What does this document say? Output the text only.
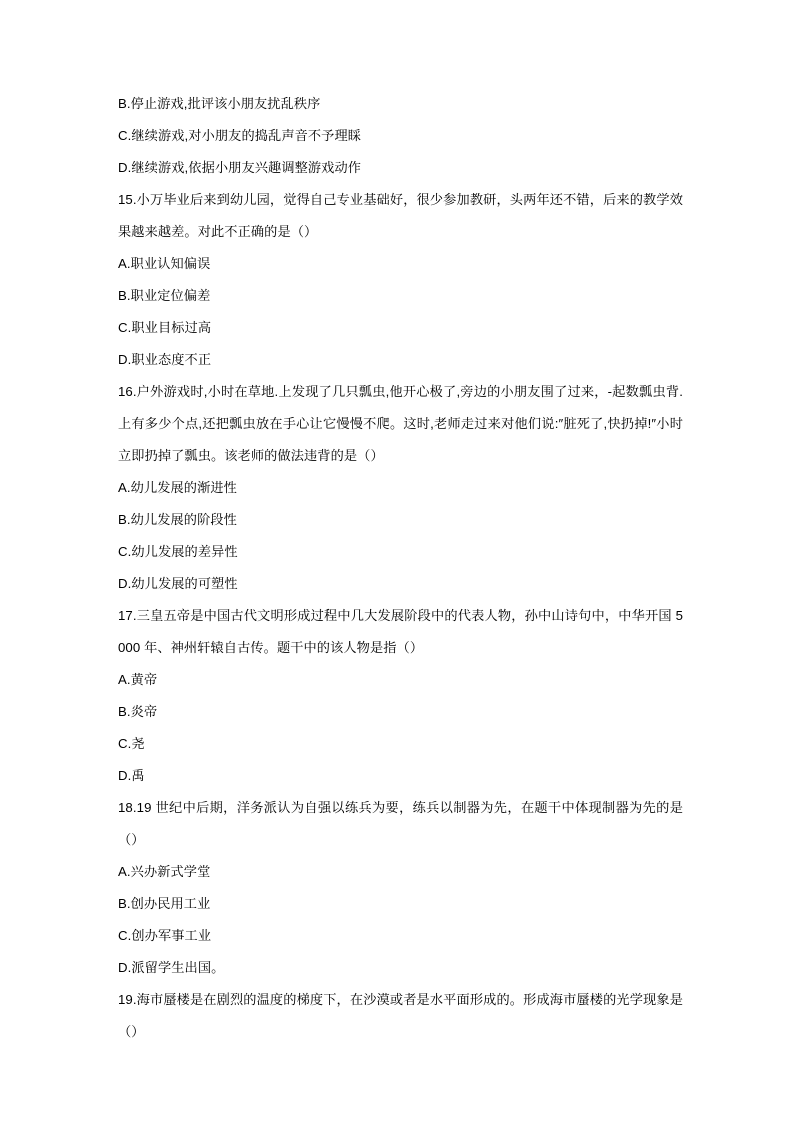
B.停止游戏,批评该小朋友扰乱秩序

C.继续游戏,对小朋友的捣乱声音不予理睬

D.继续游戏,依据小朋友兴趣调整游戏动作

15.小万毕业后来到幼儿园，觉得自己专业基础好，很少参加教研，头两年还不错，后来的教学效果越来越差。对此不正确的是（）

A.职业认知偏误

B.职业定位偏差

C.职业目标过高

D.职业态度不正

16.户外游戏时,小时在草地.上发现了几只瓢虫,他开心极了,旁边的小朋友围了过来，-起数瓢虫背.上有多少个点,还把瓢虫放在手心让它慢慢不爬。这时,老师走过来对他们说:″脏死了,快扔掉!″小时立即扔掉了瓢虫。该老师的做法违背的是（）

A.幼儿发展的渐进性

B.幼儿发展的阶段性

C.幼儿发展的差异性

D.幼儿发展的可塑性

17.三皇五帝是中国古代文明形成过程中几大发展阶段中的代表人物，孙中山诗句中，中华开国 5000 年、神州轩辕自古传。题干中的该人物是指（）

A.黄帝

B.炎帝

C.尧

D.禹

18.19 世纪中后期，洋务派认为自强以练兵为要，练兵以制器为先，在题干中体现制器为先的是（）

A.兴办新式学堂

B.创办民用工业

C.创办军事工业

D.派留学生出国。

19.海市蜃楼是在剧烈的温度的梯度下，在沙漠或者是水平面形成的。形成海市蜃楼的光学现象是（）
